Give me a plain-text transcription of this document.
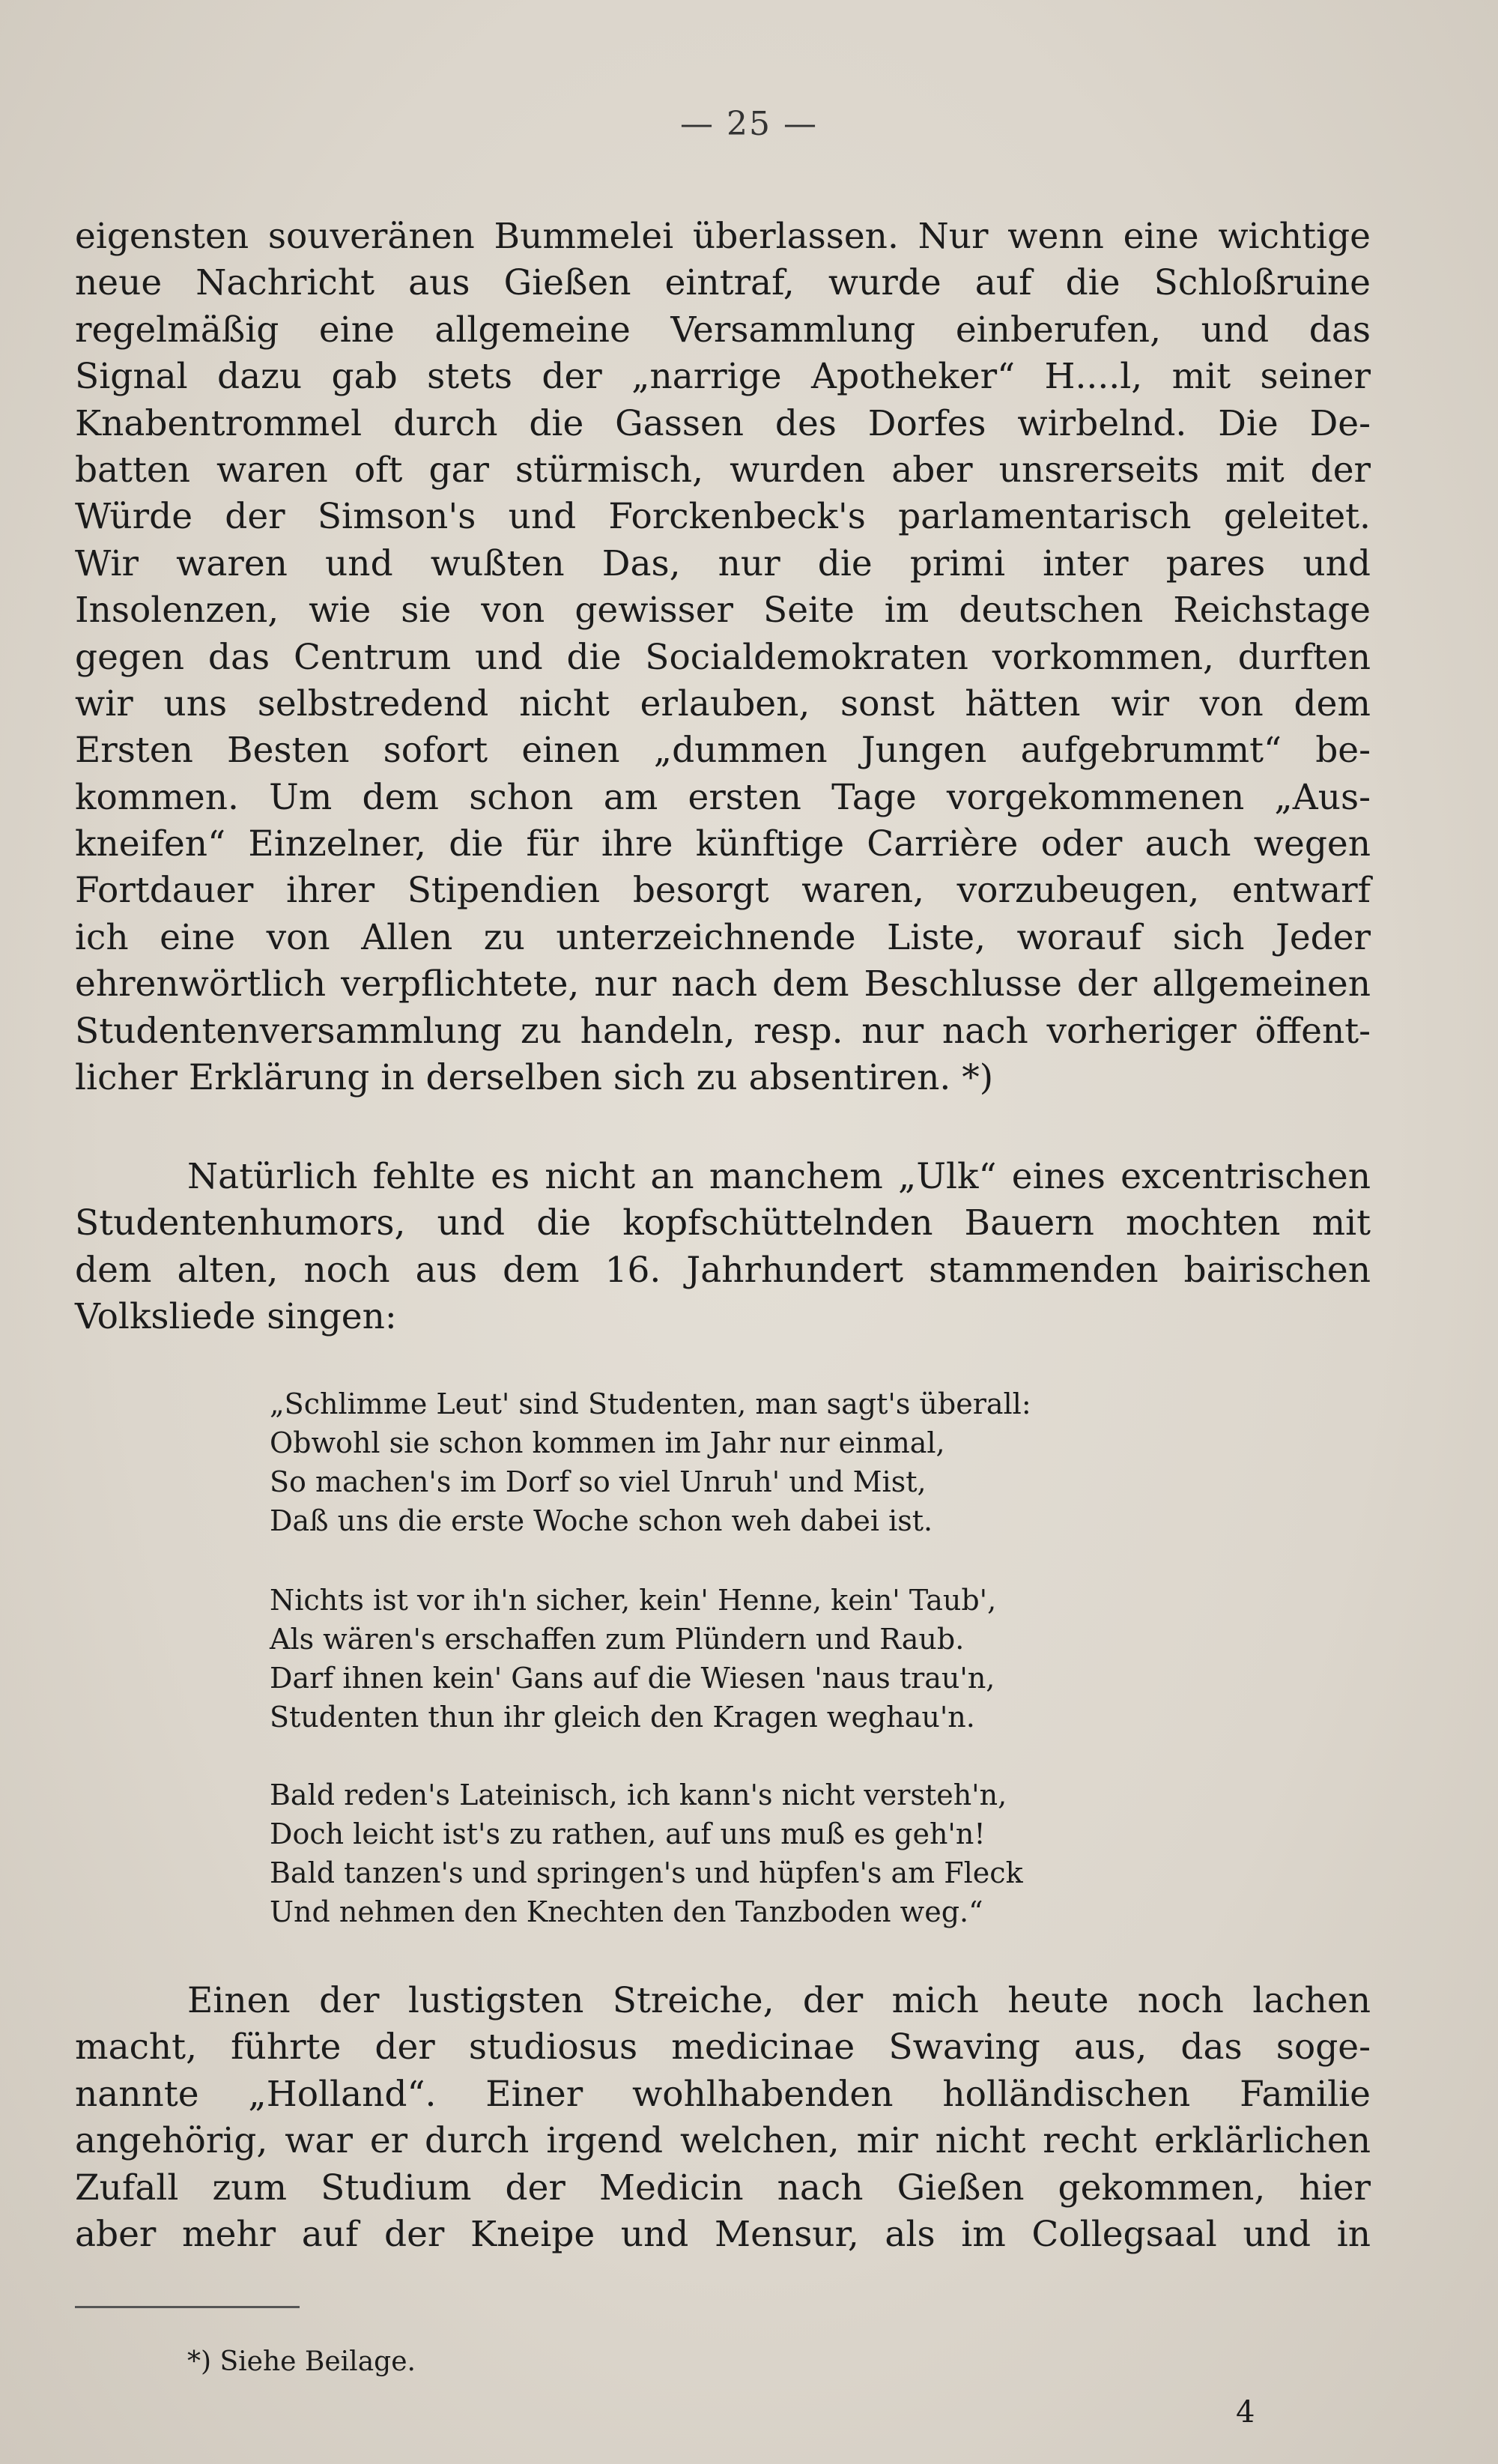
— 25 —
eigensten souveränen Bummelei überlassen. Nur wenn eine wichtige
neue Nachricht aus Gießen eintraf, wurde auf die Schloßruine
regelmäßig eine allgemeine Versammlung einberufen, und das
Signal dazu gab stets der „narrige Apotheker“ H....l, mit seiner
Knabentrommel durch die Gassen des Dorfes wirbelnd. Die De-
batten waren oft gar stürmisch, wurden aber unsrerseits mit der
Würde der Simson's und Forckenbeck's parlamentarisch geleitet.
Wir waren und wußten Das, nur die primi inter pares und
Insolenzen, wie sie von gewisser Seite im deutschen Reichstage
gegen das Centrum und die Socialdemokraten vorkommen, durften
wir uns selbstredend nicht erlauben, sonst hätten wir von dem
Ersten Besten sofort einen „dummen Jungen aufgebrummt“ be-
kommen. Um dem schon am ersten Tage vorgekommenen „Aus-
kneifen“ Einzelner, die für ihre künftige Carrière oder auch wegen
Fortdauer ihrer Stipendien besorgt waren, vorzubeugen, entwarf
ich eine von Allen zu unterzeichnende Liste, worauf sich Jeder
ehrenwörtlich verpflichtete, nur nach dem Beschlusse der allgemeinen
Studentenversammlung zu handeln, resp. nur nach vorheriger öffent-
licher Erklärung in derselben sich zu absentiren. *)
Natürlich fehlte es nicht an manchem „Ulk“ eines excentrischen
Studentenhumors, und die kopfschüttelnden Bauern mochten mit
dem alten, noch aus dem 16. Jahrhundert stammenden bairischen
Volksliede singen:
„Schlimme Leut' sind Studenten, man sagt's überall:
Obwohl sie schon kommen im Jahr nur einmal,
So machen's im Dorf so viel Unruh' und Mist,
Daß uns die erste Woche schon weh dabei ist.
Nichts ist vor ih'n sicher, kein' Henne, kein' Taub',
Als wären's erschaffen zum Plündern und Raub.
Darf ihnen kein' Gans auf die Wiesen 'naus trau'n,
Studenten thun ihr gleich den Kragen weghau'n.
Bald reden's Lateinisch, ich kann's nicht versteh'n,
Doch leicht ist's zu rathen, auf uns muß es geh'n!
Bald tanzen's und springen's und hüpfen's am Fleck
Und nehmen den Knechten den Tanzboden weg.“
Einen der lustigsten Streiche, der mich heute noch lachen
macht, führte der studiosus medicinae Swaving aus, das soge-
nannte „Holland“. Einer wohlhabenden holländischen Familie
angehörig, war er durch irgend welchen, mir nicht recht erklärlichen
Zufall zum Studium der Medicin nach Gießen gekommen, hier
aber mehr auf der Kneipe und Mensur, als im Collegsaal und in
*) Siehe Beilage.
4
